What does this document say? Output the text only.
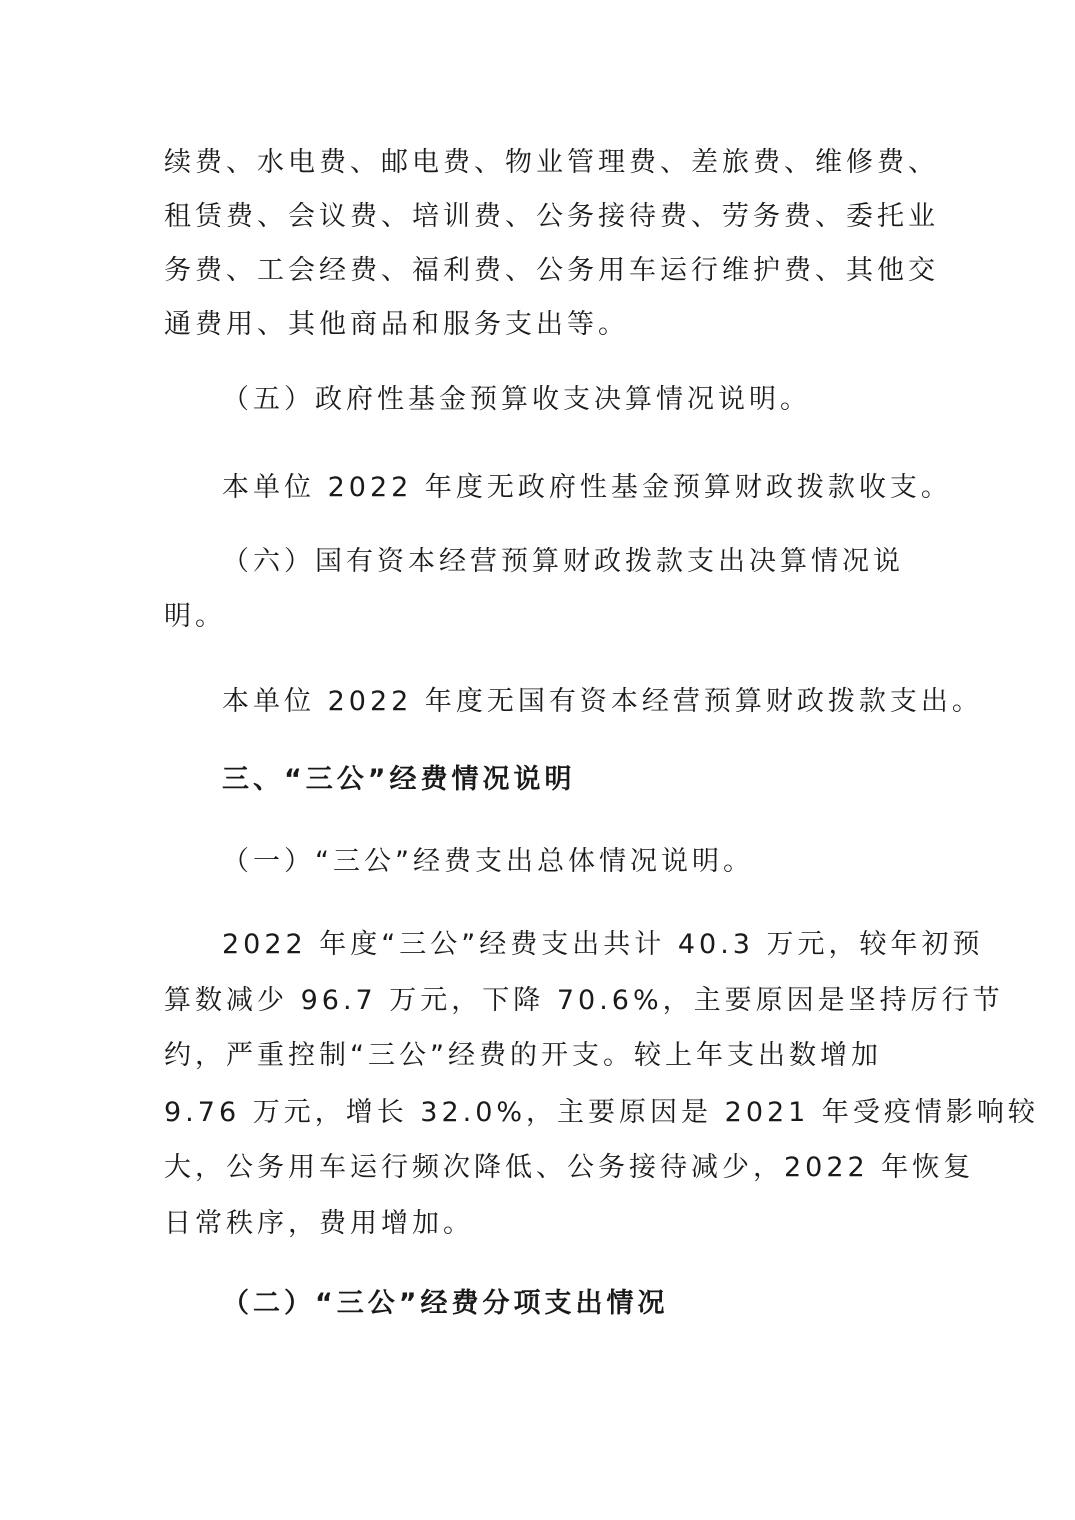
续费、水电费、邮电费、物业管理费、差旅费、维修费、
租赁费、会议费、培训费、公务接待费、劳务费、委托业
务费、工会经费、福利费、公务用车运行维护费、其他交
通费用、其他商品和服务支出等。
（五）政府性基金预算收支决算情况说明。
本单位 2022 年度无政府性基金预算财政拨款收支。
（六）国有资本经营预算财政拨款支出决算情况说
明。
本单位 2022 年度无国有资本经营预算财政拨款支出。
三、“三公”经费情况说明
（一）“三公”经费支出总体情况说明。
2022 年度“三公”经费支出共计 40.3 万元，较年初预
算数减少 96.7 万元，下降 70.6%，主要原因是坚持厉行节
约，严重控制“三公”经费的开支。较上年支出数增加
9.76 万元，增长 32.0%，主要原因是 2021 年受疫情影响较
大，公务用车运行频次降低、公务接待减少，2022 年恢复
日常秩序，费用增加。
（二）“三公”经费分项支出情况
